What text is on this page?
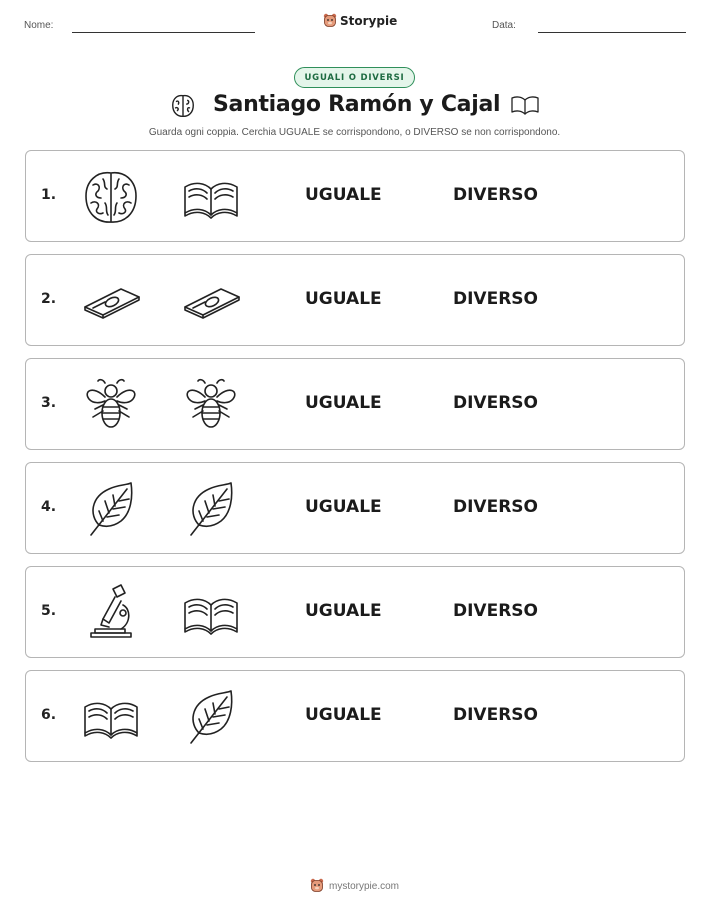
Nome:	Storypie	Data:
UGUALI O DIVERSI
Santiago Ramón y Cajal
Guarda ogni coppia. Cerchia UGUALE se corrispondono, o DIVERSO se non corrispondono.
1.	UGUALE	DIVERSO
2.	UGUALE	DIVERSO
3.	UGUALE	DIVERSO
4.	UGUALE	DIVERSO
5.	UGUALE	DIVERSO
6.	UGUALE	DIVERSO
mystorypie.com
